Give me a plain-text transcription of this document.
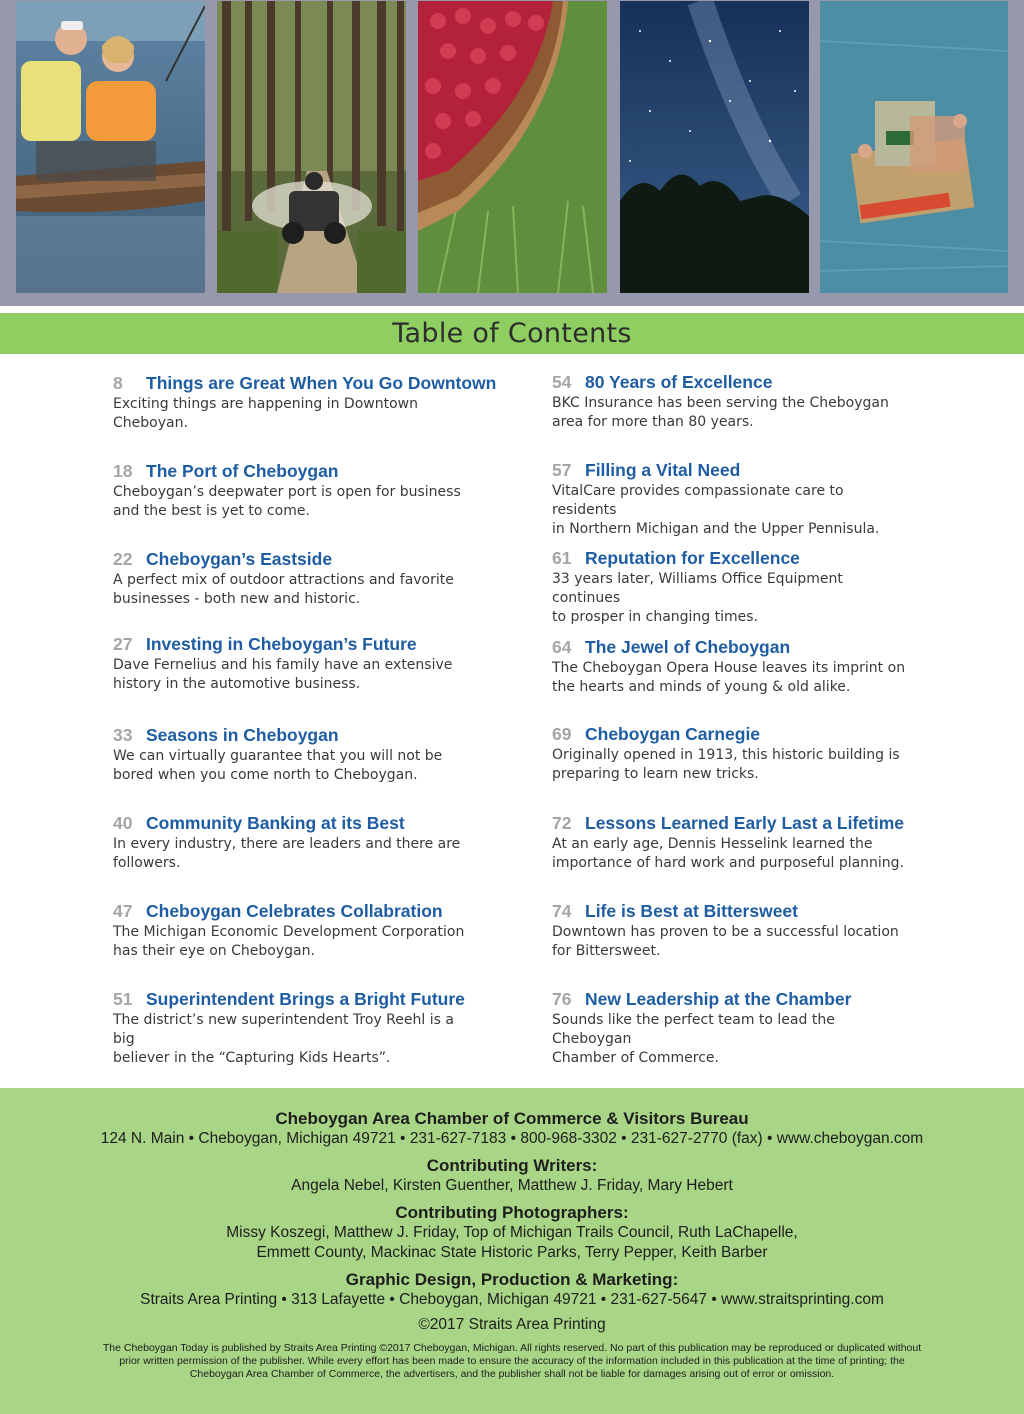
Table of Contents
8	Things are Great When You Go Downtown
Exciting things are happening in Downtown
Cheboyan.
18 The Port of Cheboygan
Cheboygan’s deepwater port is open for business
and the best is yet to come.
22 Cheboygan’s Eastside
A perfect mix of outdoor attractions and favorite
businesses - both new and historic.
27 Investing in Cheboygan’s Future
Dave Fernelius and his family have an extensive
history in the automotive business.
33 Seasons in Cheboygan
We can virtually guarantee that you will not be
bored when you come north to Cheboygan.
40 Community Banking at its Best
In every industry, there are leaders and there are
followers.
47 Cheboygan Celebrates Collabration
The Michigan Economic Development Corporation
has their eye on Cheboygan.
51 Superintendent Brings a Bright Future
The district’s new superintendent Troy Reehl is a big
believer in the “Capturing Kids Hearts”.
54 80 Years of Excellence
BKC Insurance has been serving the Cheboygan
area for more than 80 years.
57 Filling a Vital Need
VitalCare provides compassionate care to residents
in Northern Michigan and the Upper Pennisula.
61 Reputation for Excellence
33 years later, Williams Office Equipment continues
to prosper in changing times.
64 The Jewel of Cheboygan
The Cheboygan Opera House leaves its imprint on
the hearts and minds of young & old alike.
69 Cheboygan Carnegie
Originally opened in 1913, this historic building is
preparing to learn new tricks.
72 Lessons Learned Early Last a Lifetime
At an early age, Dennis Hesselink learned the
importance of hard work and purposeful planning.
74 Life is Best at Bittersweet
Downtown has proven to be a successful location
for Bittersweet.
76 New Leadership at the Chamber
Sounds like the perfect team to lead the Cheboygan
Chamber of Commerce.
Cheboygan Area Chamber of Commerce & Visitors Bureau
124 N. Main • Cheboygan, Michigan 49721 • 231-627-7183 • 800-968-3302 • 231-627-2770 (fax) • www.cheboygan.com
Contributing Writers:
Angela Nebel, Kirsten Guenther, Matthew J. Friday, Mary Hebert
Contributing Photographers:
Missy Koszegi, Matthew J. Friday, Top of Michigan Trails Council, Ruth LaChapelle,
Emmett County, Mackinac State Historic Parks, Terry Pepper, Keith Barber
Graphic Design, Production & Marketing:
Straits Area Printing • 313 Lafayette • Cheboygan, Michigan 49721 • 231-627-5647 • www.straitsprinting.com
©2017 Straits Area Printing
The Cheboygan Today is published by Straits Area Printing ©2017 Cheboygan, Michigan. All rights reserved. No part of this publication may be reproduced or duplicated without
prior written permission of the publisher. While every effort has been made to ensure the accuracy of the information included in this publication at the time of printing; the
Cheboygan Area Chamber of Commerce, the advertisers, and the publisher shall not be liable for damages arising out of error or omission.
